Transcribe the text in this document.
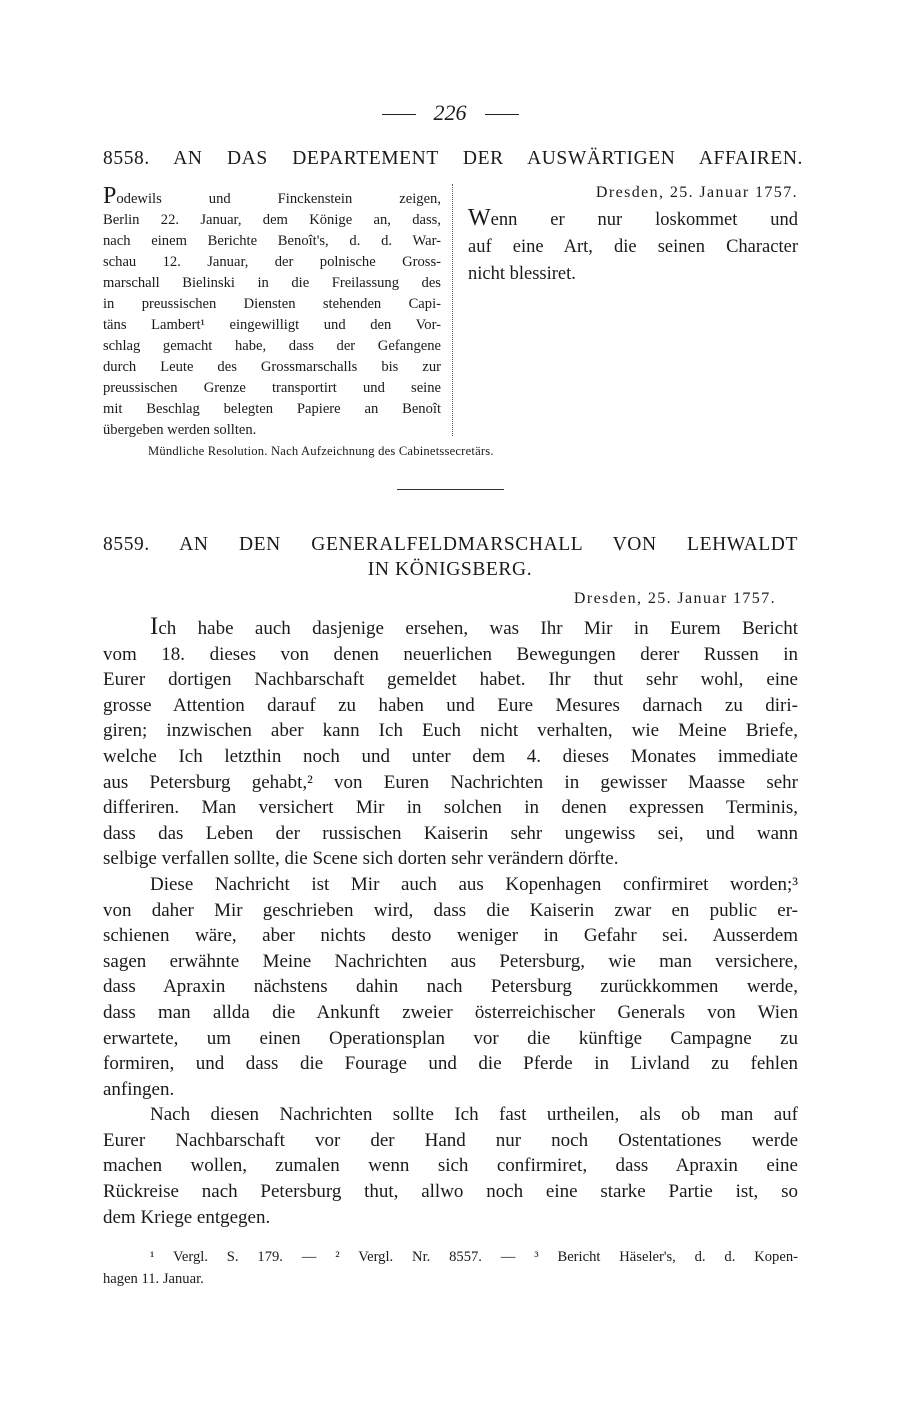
226
8558. AN DAS DEPARTEMENT DER AUSWÄRTIGEN AFFAIREN.
Podewils und Finckenstein zeigen,
Berlin 22. Januar, dem Könige an, dass,
nach einem Berichte Benoît's, d. d. War-
schau 12. Januar, der polnische Gross-
marschall Bielinski in die Freilassung des
in preussischen Diensten stehenden Capi-
täns Lambert¹ eingewilligt und den Vor-
schlag gemacht habe, dass der Gefangene
durch Leute des Grossmarschalls bis zur
preussischen Grenze transportirt und seine
mit Beschlag belegten Papiere an Benoît
übergeben werden sollten.
Dresden, 25. Januar 1757.
Wenn er nur loskommet und
auf eine Art, die seinen Character
nicht blessiret.
Mündliche Resolution. Nach Aufzeichnung des Cabinetssecretärs.
8559. AN DEN GENERALFELDMARSCHALL VON LEHWALDT
IN KÖNIGSBERG.
Dresden, 25. Januar 1757.
Ich habe auch dasjenige ersehen, was Ihr Mir in Eurem Bericht
vom 18. dieses von denen neuerlichen Bewegungen derer Russen in
Eurer dortigen Nachbarschaft gemeldet habet. Ihr thut sehr wohl, eine
grosse Attention darauf zu haben und Eure Mesures darnach zu diri-
giren; inzwischen aber kann Ich Euch nicht verhalten, wie Meine Briefe,
welche Ich letzthin noch und unter dem 4. dieses Monates immediate
aus Petersburg gehabt,² von Euren Nachrichten in gewisser Maasse sehr
differiren. Man versichert Mir in solchen in denen expressen Terminis,
dass das Leben der russischen Kaiserin sehr ungewiss sei, und wann
selbige verfallen sollte, die Scene sich dorten sehr verändern dörfte.
Diese Nachricht ist Mir auch aus Kopenhagen confirmiret worden;³
von daher Mir geschrieben wird, dass die Kaiserin zwar en public er-
schienen wäre, aber nichts desto weniger in Gefahr sei. Ausserdem
sagen erwähnte Meine Nachrichten aus Petersburg, wie man versichere,
dass Apraxin nächstens dahin nach Petersburg zurückkommen werde,
dass man allda die Ankunft zweier österreichischer Generals von Wien
erwartete, um einen Operationsplan vor die künftige Campagne zu
formiren, und dass die Fourage und die Pferde in Livland zu fehlen
anfingen.
Nach diesen Nachrichten sollte Ich fast urtheilen, als ob man auf
Eurer Nachbarschaft vor der Hand nur noch Ostentationes werde
machen wollen, zumalen wenn sich confirmiret, dass Apraxin eine
Rückreise nach Petersburg thut, allwo noch eine starke Partie ist, so
dem Kriege entgegen.
¹ Vergl. S. 179. — ² Vergl. Nr. 8557. — ³ Bericht Häseler's, d. d. Kopen-
hagen 11. Januar.
